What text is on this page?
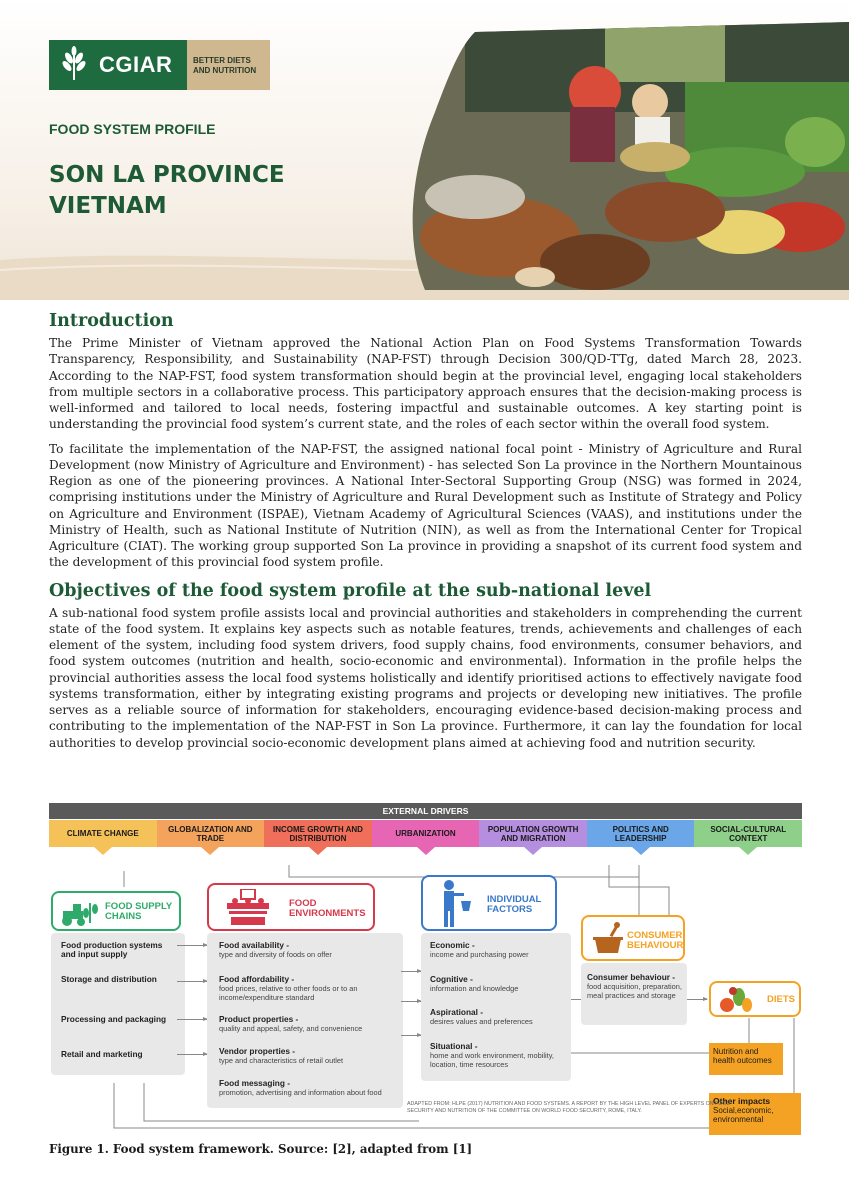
CGIAR	BETTER DIETS
AND NUTRITION
FOOD SYSTEM PROFILE
SON LA PROVINCE
VIETNAM
Introduction

The Prime Minister of Vietnam approved the National Action Plan on Food Systems Transformation Towards Transparency, Responsibility, and Sustainability (NAP-FST) through Decision 300/QD-TTg, dated March 28, 2023. According to the NAP-FST, food system transformation should begin at the provincial level, engaging local stakeholders from multiple sectors in a collaborative process. This participatory approach ensures that the decision-making process is well-informed and tailored to local needs, fostering impactful and sustainable outcomes. A key starting point is understanding the provincial food system’s current state, and the roles of each sector within the overall food system.

To facilitate the implementation of the NAP-FST, the assigned national focal point - Ministry of Agriculture and Rural Development (now Ministry of Agriculture and Environment) - has selected Son La province in the Northern Mountainous Region as one of the pioneering provinces. A National Inter-Sectoral Supporting Group (NSG) was formed in 2024, comprising institutions under the Ministry of Agriculture and Rural Development such as Institute of Strategy and Policy on Agriculture and Environment (ISPAE), Vietnam Academy of Agricultural Sciences (VAAS), and institutions under the Ministry of Health, such as National Institute of Nutrition (NIN), as well as from the International Center for Tropical Agriculture (CIAT). The working group supported Son La province in providing a snapshot of its current food system and the development of this provincial food system profile.

Objectives of the food system profile at the sub-national level

A sub-national food system profile assists local and provincial authorities and stakeholders in comprehending the current state of the food system. It explains key aspects such as notable features, trends, achievements and challenges of each element of the system, including food system drivers, food supply chains, food environments, consumer behaviors, and food system outcomes (nutrition and health, socio-economic and environmental). Information in the profile helps the provincial authorities assess the local food systems holistically and identify prioritised actions to effectively navigate food systems transformation, either by integrating existing programs and projects or developing new initiatives. The profile serves as a reliable source of information for stakeholders, encouraging evidence-based decision-making process and contributing to the implementation of the NAP-FST in Son La province. Furthermore, it can lay the foundation for local authorities to develop provincial socio-economic development plans aimed at achieving food and nutrition security.

EXTERNAL DRIVERS
CLIMATE CHANGE	GLOBALIZATION AND TRADE
INCOME GROWTH AND DISTRIBUTION	URBANIZATION	POPULATION GROWTH AND MIGRATION
POLITICS AND LEADERSHIP
SOCIAL-CULTURAL CONTEXT
FOOD SUPPLY CHAINS
Food production systems and input supply
Storage and distribution
Processing and packaging
Retail and marketing
FOOD ENVIRONMENTS
Food availability -
type and diversity of foods on offer
Food affordability -
food prices, relative to other foods or to an income/expenditure standard
Product properties -
quality and appeal, safety, and convenience
Vendor properties -
type and characteristics of retail outlet
Food messaging -
promotion, advertising and information about food
INDIVIDUAL FACTORS
Economic -
income and purchasing power
Cognitive -
information and knowledge
Aspirational -
desires values and preferences
Situational -
home and work environment, mobility, location, time resources
CONSUMER BEHAVIOUR
Consumer behaviour -
food acquisition, preparation, meal practices and storage	DIETS
Nutrition and health outcomes
Other impacts
Social,economic, environmental
ADAPTED FROM: HLPE (2017) NUTRITION AND FOOD SYSTEMS. A REPORT BY THE HIGH LEVEL PANEL OF EXPERTS ON FOOD SECURITY AND NUTRITION OF THE COMMITTEE ON WORLD FOOD SECURITY, ROME, ITALY.
Figure 1. Food system framework. Source: [2], adapted from [1]
